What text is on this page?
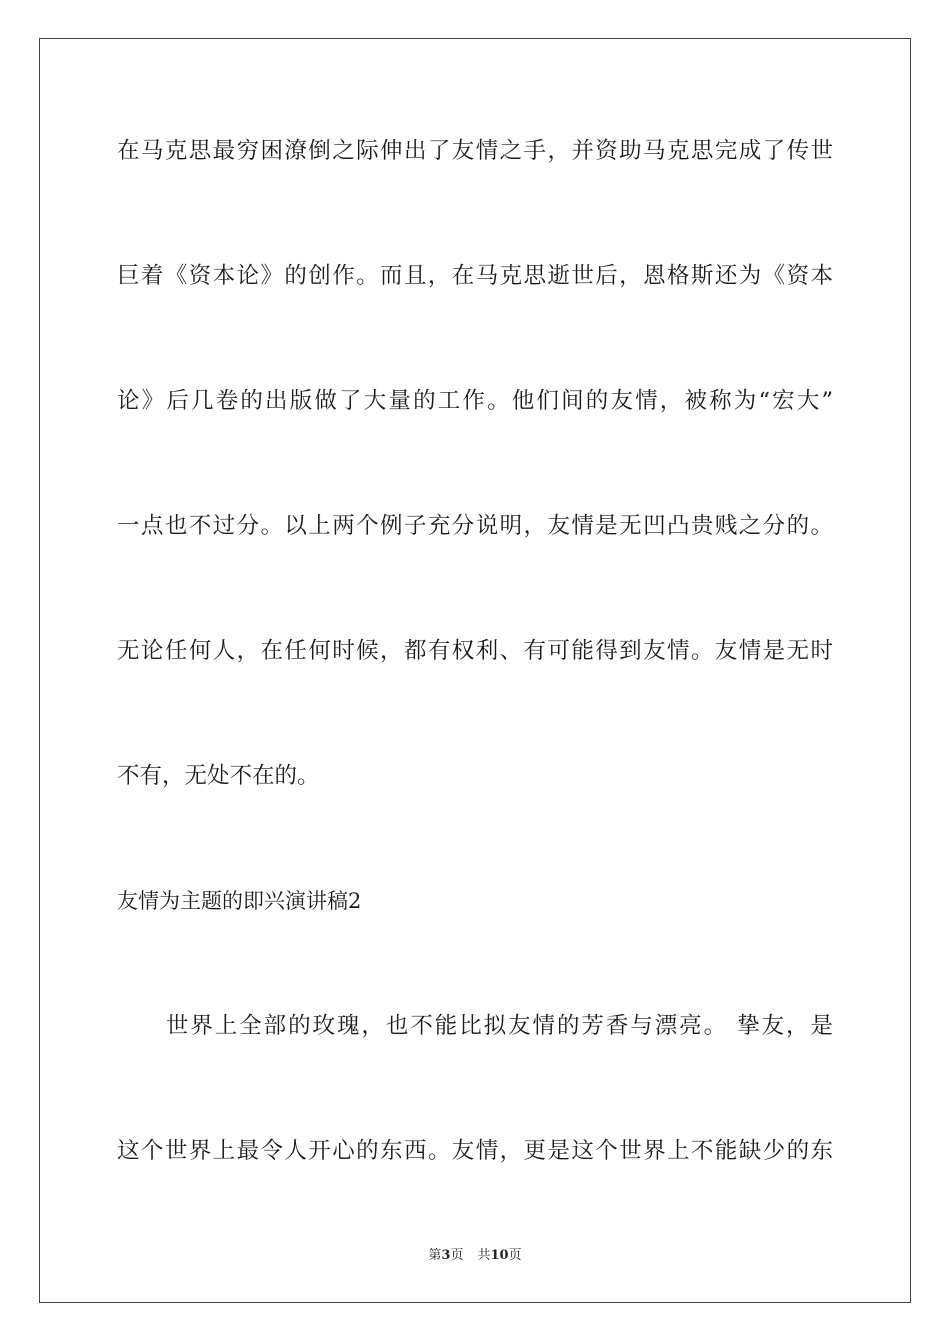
在马克思最穷困潦倒之际伸出了友情之手，并资助马克思完成了传世
巨着《资本论》的创作。而且，在马克思逝世后，恩格斯还为《资本
论》后几卷的出版做了大量的工作。他们间的友情，被称为“宏大”
一点也不过分。以上两个例子充分说明，友情是无凹凸贵贱之分的。
无论任何人，在任何时候，都有权利、有可能得到友情。友情是无时
不有，无处不在的。
友情为主题的即兴演讲稿2
　　世界上全部的玫瑰，也不能比拟友情的芳香与漂亮。 挚友，是
这个世界上最令人开心的东西。友情，更是这个世界上不能缺少的东
第3页 共10页
